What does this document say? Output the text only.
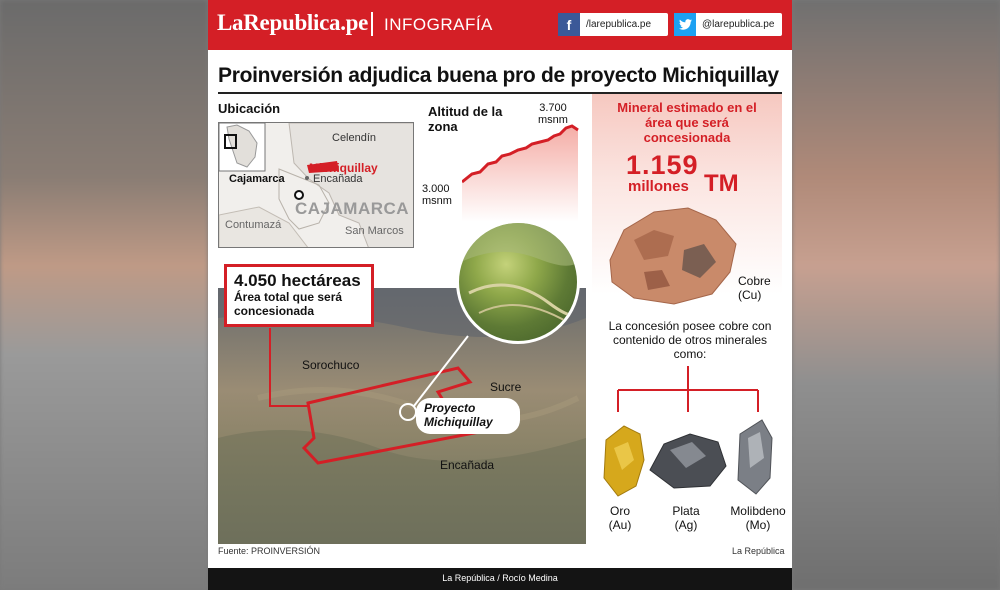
LaRepublica.pe INFOGRAFÍA	f	/larepublica.pe	@larepublica.pe
Proinversión adjudica buena pro de proyecto Michiquillay
Ubicación
Celendín
Michiquillay
Encañada
Cajamarca
CAJAMARCA
Contumazá	San Marcos
Altitud de la zona
3.700
msnm
3.000
msnm
Sorochuco
Sucre
Encañada
Proyecto Michiquillay
4.050 hectáreas
Área total que será concesionada
Mineral estimado en el área que será concesionada
1.159
millones TM
Cobre (Cu)
La concesión posee cobre con contenido de otros minerales como:
Oro
(Au)
Plata
(Ag)
Molibdeno
(Mo)
Fuente: PROINVERSIÓN	La República
La República / Rocío Medina
